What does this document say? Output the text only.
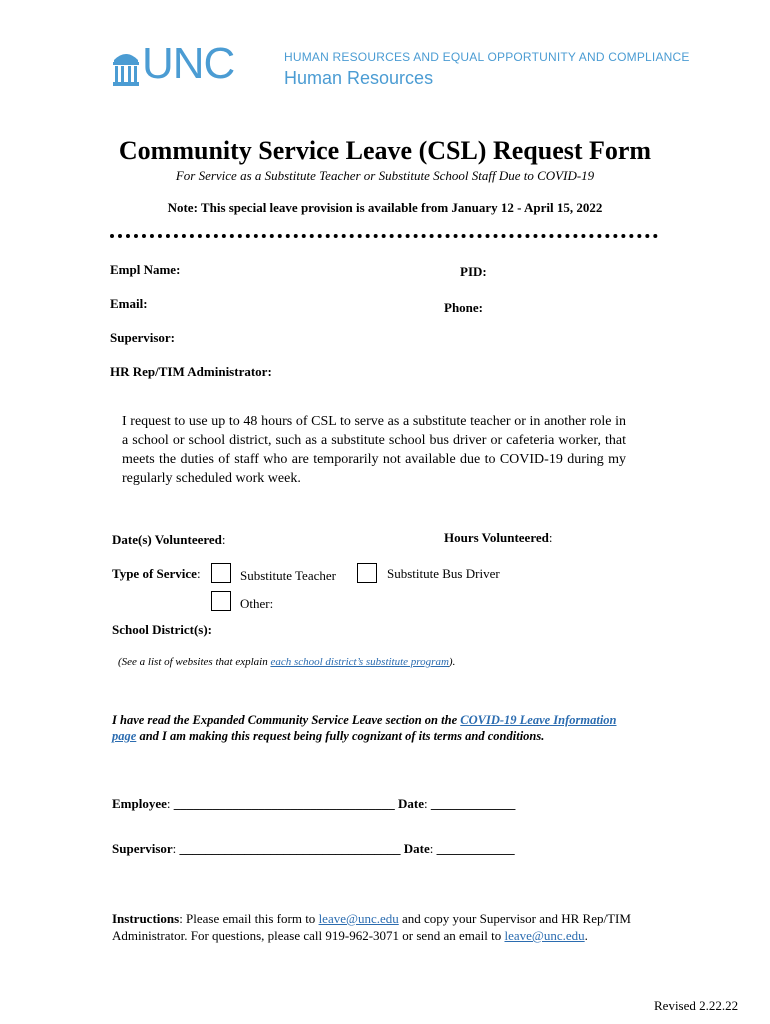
UNC	HUMAN RESOURCES AND EQUAL OPPORTUNITY AND COMPLIANCE
Human Resources
Community Service Leave (CSL) Request Form
For Service as a Substitute Teacher or Substitute School Staff Due to COVID-19
Note: This special leave provision is available from January 12 - April 15, 2022
Empl Name:	PID:
Email:	Phone:
Supervisor:
HR Rep/TIM Administrator:
I request to use up to 48 hours of CSL to serve as a substitute teacher or in another role in a school or school district, such as a substitute school bus driver or cafeteria worker, that meets the duties of staff who are temporarily not available due to COVID-19 during my regularly scheduled work week.
Date(s) Volunteered:	Hours Volunteered:
Type of Service:	Substitute Teacher	Substitute Bus Driver
Other:
School District(s):
(See a list of websites that explain each school district’s substitute program).
I have read the Expanded Community Service Leave section on the COVID-19 Leave Information page and I am making this request being fully cognizant of its terms and conditions.
Employee: __________________________________ Date: _____________
Supervisor: __________________________________ Date: ____________
Instructions: Please email this form to leave@unc.edu and copy your Supervisor and HR Rep/TIM Administrator. For questions, please call 919-962-3071 or send an email to leave@unc.edu.
Revised 2.22.22
